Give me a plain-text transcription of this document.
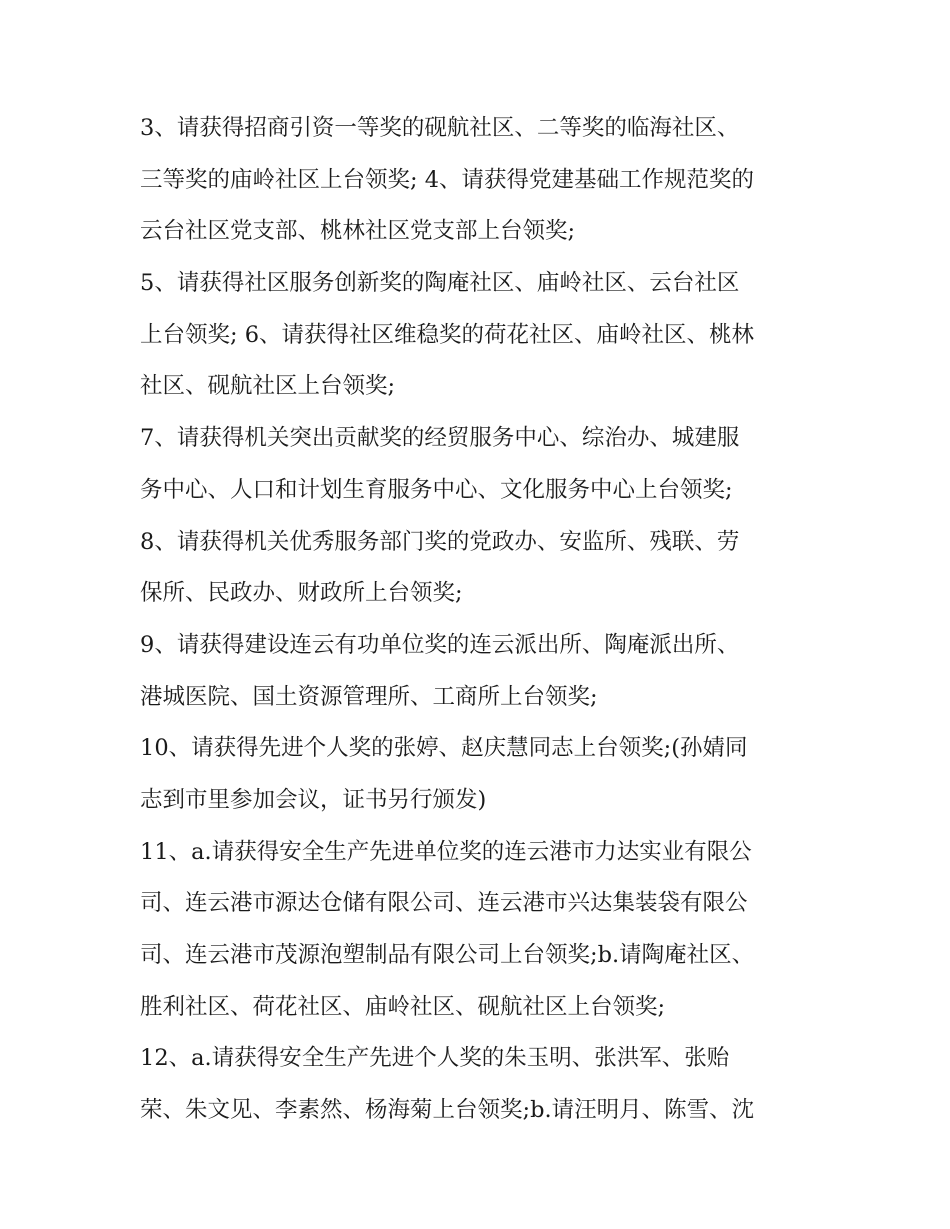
3、请获得招商引资一等奖的砚航社区、二等奖的临海社区、
三等奖的庙岭社区上台领奖; 4、请获得党建基础工作规范奖的
云台社区党支部、桃林社区党支部上台领奖;
5、请获得社区服务创新奖的陶庵社区、庙岭社区、云台社区
上台领奖; 6、请获得社区维稳奖的荷花社区、庙岭社区、桃林
社区、砚航社区上台领奖;
7、请获得机关突出贡献奖的经贸服务中心、综治办、城建服
务中心、人口和计划生育服务中心、文化服务中心上台领奖;
8、请获得机关优秀服务部门奖的党政办、安监所、残联、劳
保所、民政办、财政所上台领奖;
9、请获得建设连云有功单位奖的连云派出所、陶庵派出所、
港城医院、国土资源管理所、工商所上台领奖;
10、请获得先进个人奖的张婷、赵庆慧同志上台领奖;(孙婧同
志到市里参加会议，证书另行颁发)
11、a.请获得安全生产先进单位奖的连云港市力达实业有限公
司、连云港市源达仓储有限公司、连云港市兴达集装袋有限公
司、连云港市茂源泡塑制品有限公司上台领奖;b.请陶庵社区、
胜利社区、荷花社区、庙岭社区、砚航社区上台领奖;
12、a.请获得安全生产先进个人奖的朱玉明、张洪军、张贻
荣、朱文见、李素然、杨海菊上台领奖;b.请汪明月、陈雪、沈
